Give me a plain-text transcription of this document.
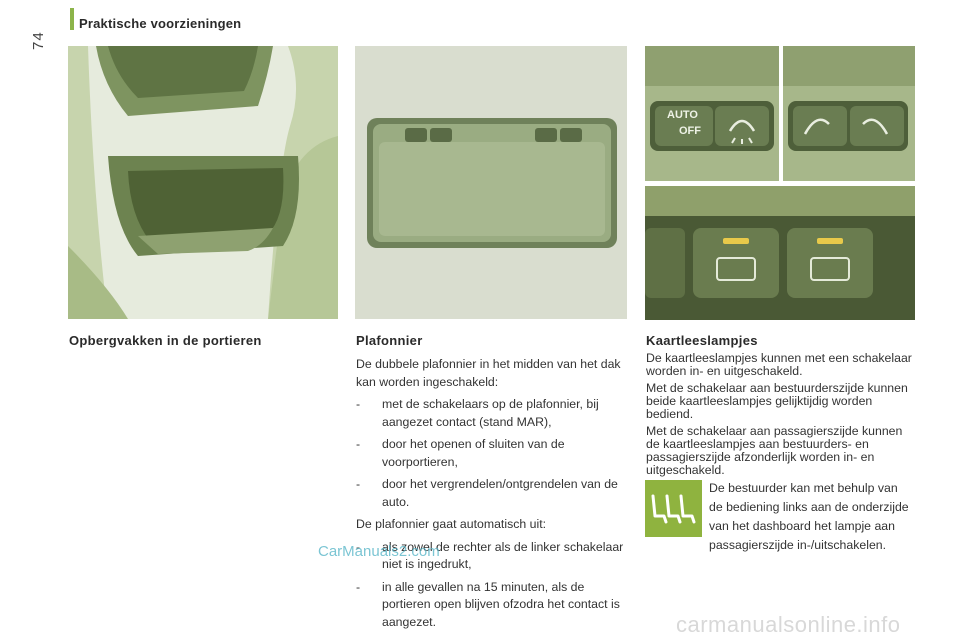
Praktische voorzieningen
74
AUTO
OFF
Opbergvakken in de portieren	Plafonnier	Kaartleeslampjes

De dubbele plafonnier in het midden van het dak kan worden ingeschakeld:

- met de schakelaars op de plafonnier, bij aangezet contact (stand MAR),
- door het openen of sluiten van de voorportieren,
- door het vergrendelen/ontgrendelen van de auto.

De plafonnier gaat automatisch uit:

- als zowel de rechter als de linker schakelaar niet is ingedrukt,
- in alle gevallen na 15 minuten, als de portieren open blijven ofzodra het contact is aangezet.

De kaartleeslampjes kunnen met een schakelaar worden in- en uitgeschakeld.

Met de schakelaar aan bestuurderszijde kunnen beide kaartleeslampjes gelijktijdig worden bediend.

Met de schakelaar aan passagierszijde kunnen de kaartleeslampjes aan bestuurders- en passagierszijde afzonderlijk worden in- en uitgeschakeld.

De bestuurder kan met behulp van de bediening links aan de onderzijde van het dashboard het lampje aan passagierszijde in-/uitschakelen.
CarManuals2.com
carmanualsonline.info
